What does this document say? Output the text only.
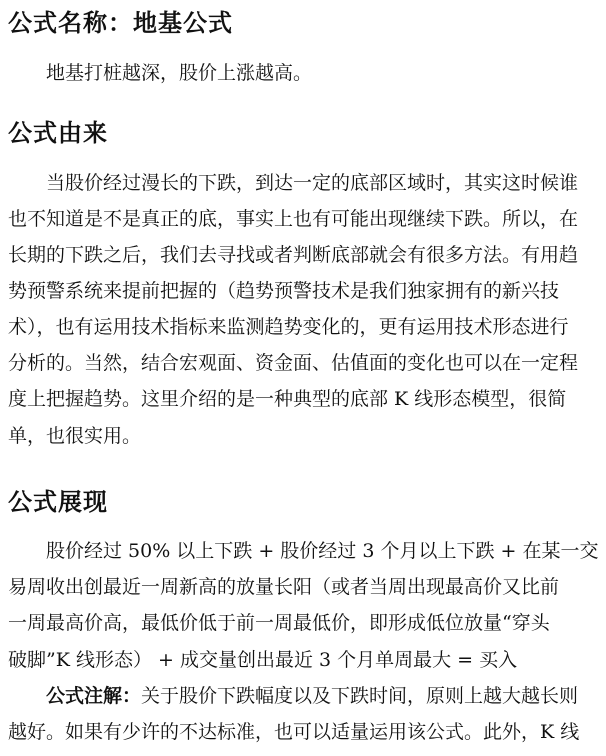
公式名称：地基公式

地基打桩越深，股价上涨越高。

公式由来

当股价经过漫长的下跌，到达一定的底部区域时，其实这时候谁

也不知道是不是真正的底，事实上也有可能出现继续下跌。所以，在

长期的下跌之后，我们去寻找或者判断底部就会有很多方法。有用趋

势预警系统来提前把握的（趋势预警技术是我们独家拥有的新兴技

术），也有运用技术指标来监测趋势变化的，更有运用技术形态进行

分析的。当然，结合宏观面、资金面、估值面的变化也可以在一定程

度上把握趋势。这里介绍的是一种典型的底部 K 线形态模型，很简

单，也很实用。

公式展现

股价经过 50% 以上下跌 + 股价经过 3 个月以上下跌 + 在某一交

易周收出创最近一周新高的放量长阳（或者当周出现最高价又比前

一周最高价高，最低价低于前一周最低价，即形成低位放量“穿头

破脚”K 线形态） + 成交量创出最近 3 个月单周最大 = 买入

公式注解：关于股价下跌幅度以及下跌时间，原则上越大越长则

越好。如果有少许的不达标准，也可以适量运用该公式。此外，K 线
